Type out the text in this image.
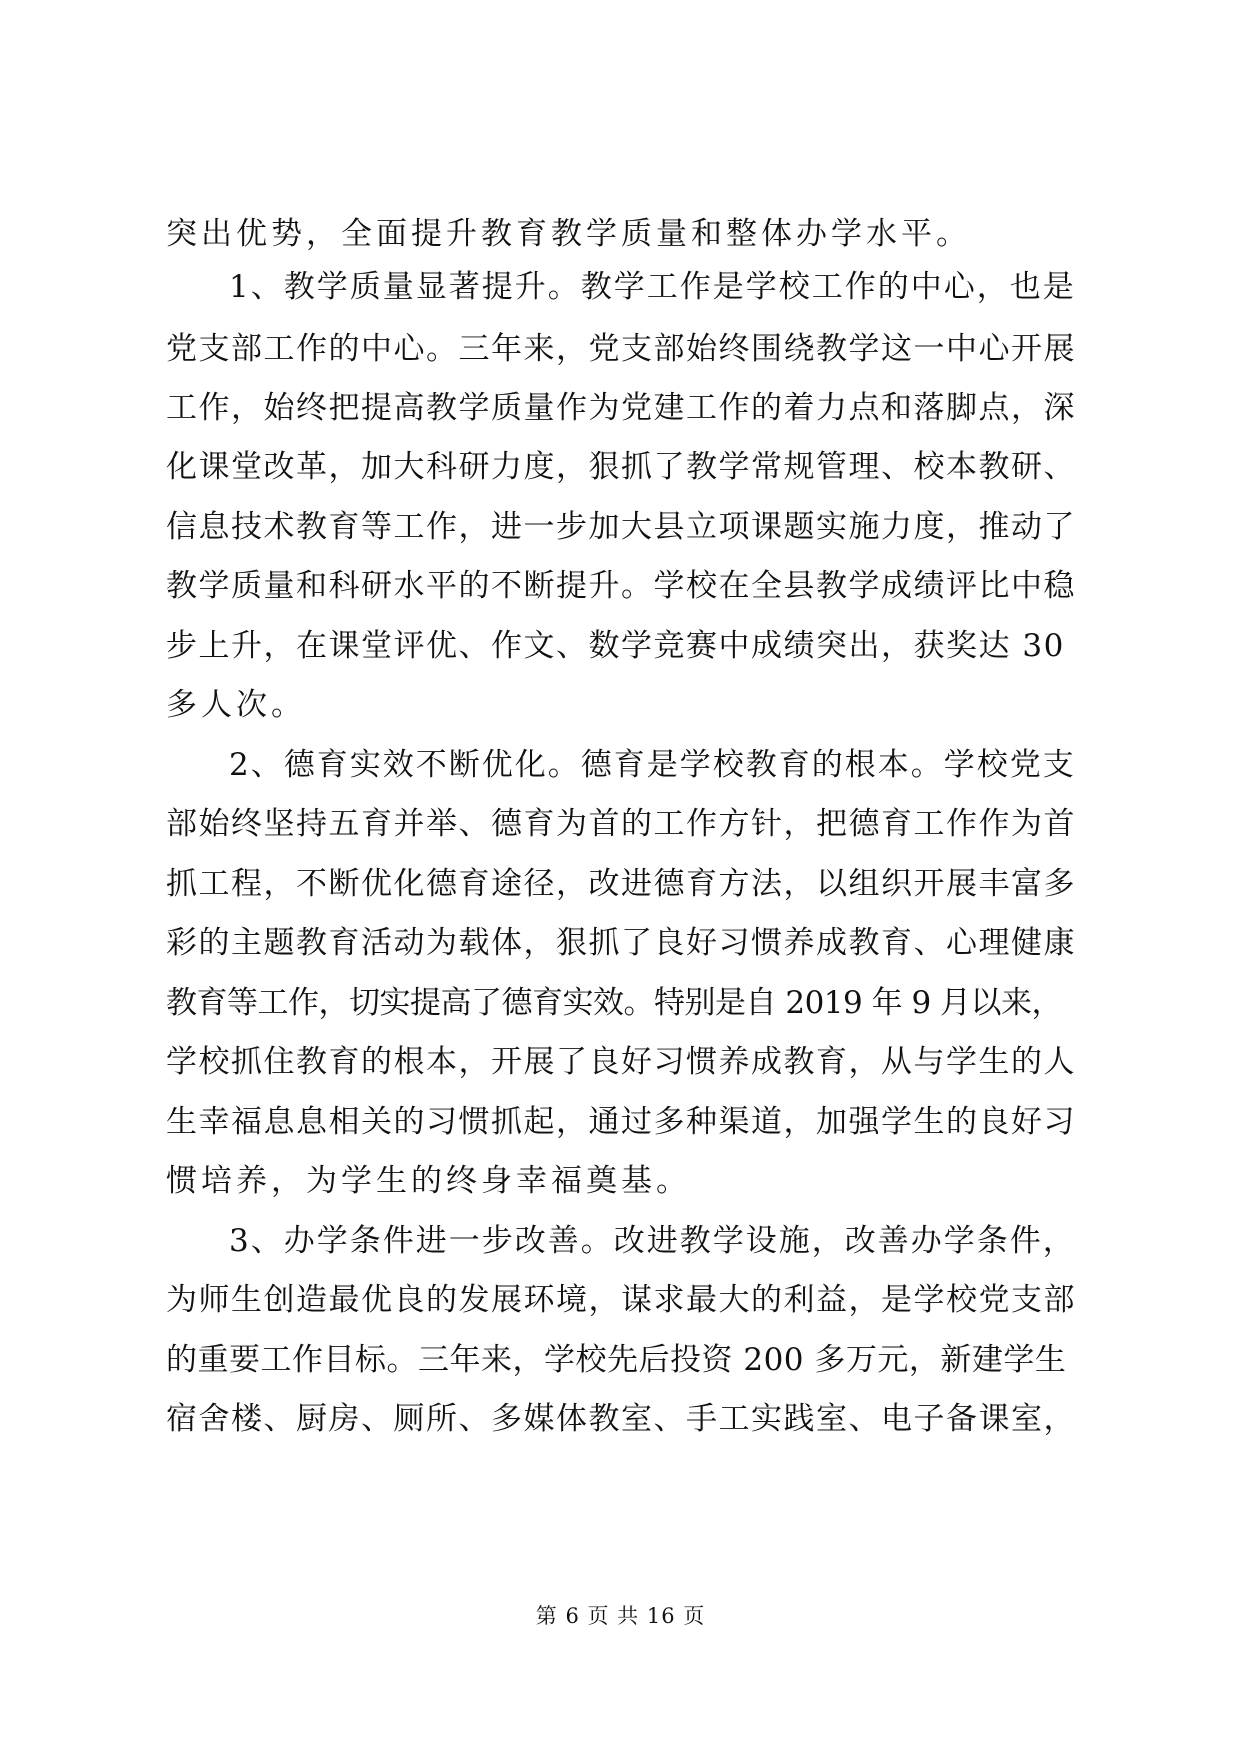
突出优势，全面提升教育教学质量和整体办学水平。
1、教学质量显著提升。教学工作是学校工作的中心，也是
党支部工作的中心。三年来，党支部始终围绕教学这一中心开展
工作，始终把提高教学质量作为党建工作的着力点和落脚点，深
化课堂改革，加大科研力度，狠抓了教学常规管理、校本教研、
信息技术教育等工作，进一步加大县立项课题实施力度，推动了
教学质量和科研水平的不断提升。学校在全县教学成绩评比中稳
步上升，在课堂评优、作文、数学竞赛中成绩突出，获奖达 30
多人次。
2、德育实效不断优化。德育是学校教育的根本。学校党支
部始终坚持五育并举、德育为首的工作方针，把德育工作作为首
抓工程，不断优化德育途径，改进德育方法，以组织开展丰富多
彩的主题教育活动为载体，狠抓了良好习惯养成教育、心理健康
教育等工作，切实提高了德育实效。特别是自 2019 年 9 月以来，
学校抓住教育的根本，开展了良好习惯养成教育，从与学生的人
生幸福息息相关的习惯抓起，通过多种渠道，加强学生的良好习
惯培养，为学生的终身幸福奠基。
3、办学条件进一步改善。改进教学设施，改善办学条件，
为师生创造最优良的发展环境，谋求最大的利益，是学校党支部
的重要工作目标。三年来，学校先后投资 200 多万元，新建学生
宿舍楼、厨房、厕所、多媒体教室、手工实践室、电子备课室，
第 6 页 共 16 页
